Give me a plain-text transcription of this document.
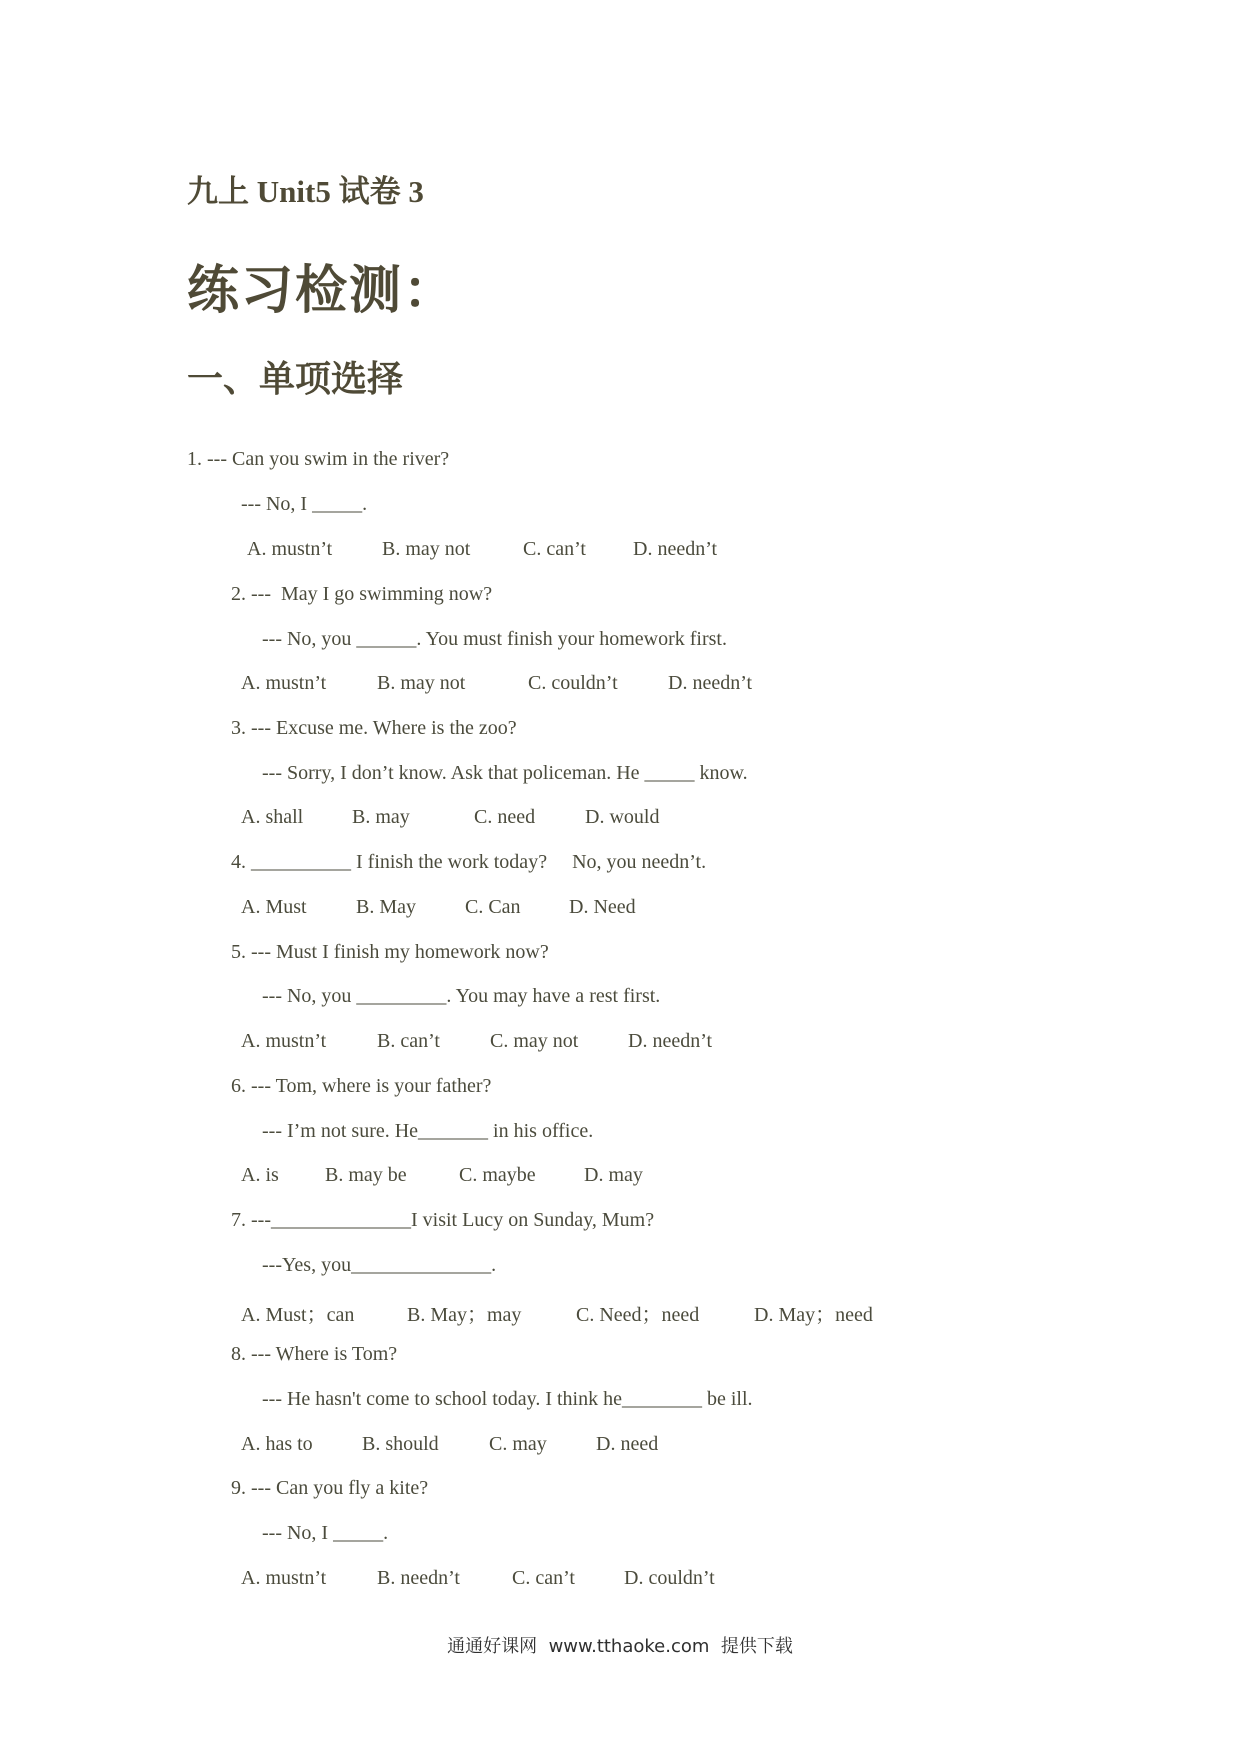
九上 Unit5 试卷 3
练习检测：
一、单项选择
1. --- Can you swim in the river?
--- No, I _____.
A. mustn’t B. may not	C. can’t D. needn’t
2. ---  May I go swimming now?
--- No, you ______. You must finish your homework first.
A. mustn’t	B. may not	C. couldn’t	D. needn’t
3. --- Excuse me. Where is the zoo?
--- Sorry, I don’t know. Ask that policeman. He _____ know.
A. shall B. may	C. need D. would
4. __________ I finish the work today?     No, you needn’t.
A. Must B. May C. Can D. Need
5. --- Must I finish my homework now?
--- No, you _________. You may have a rest first.
A. mustn’t	B. can’t	C. may not D. needn’t
6. --- Tom, where is your father?
--- I’m not sure. He_______ in his office.
A. is B. may be	C. maybe D. may
7. ---______________I visit Lucy on Sunday, Mum?
---Yes, you______________.
A. Must；can	B. May；may	C. Need；need	D. May；need
8. --- Where is Tom?
--- He hasn't come to school today. I think he________ be ill.
A. has to B. should	C. may D. need
9. --- Can you fly a kite?
--- No, I _____.
A. mustn’t	B. needn’t	C. can’t D. couldn’t
通通好课网  www.tthaoke.com  提供下载
